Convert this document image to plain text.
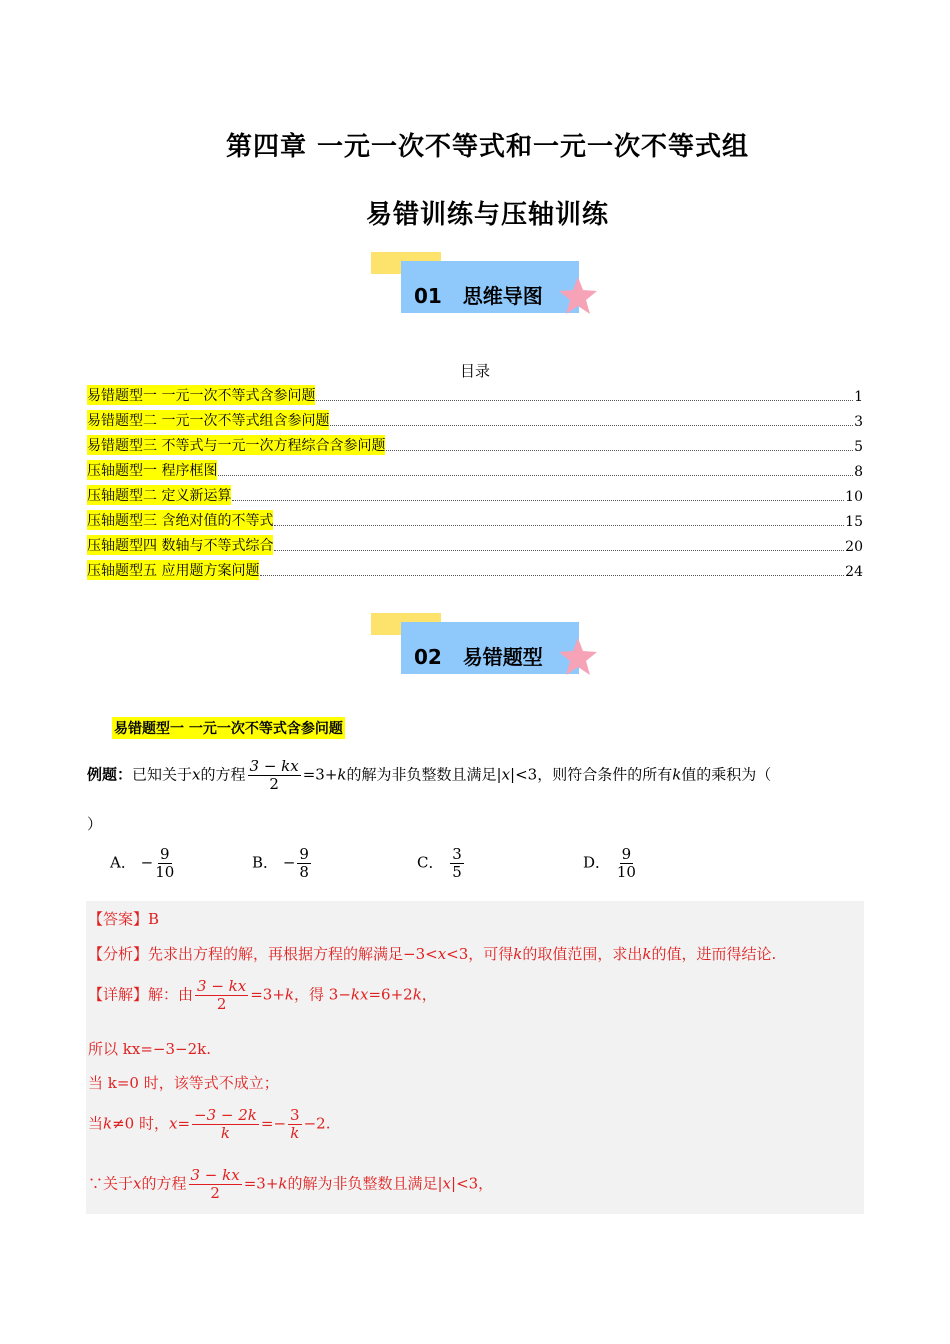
第四章 一元一次不等式和一元一次不等式组
易错训练与压轴训练
01 思维导图
目录
易错题型一 一元一次不等式含参问题	1
易错题型二 一元一次不等式组含参问题	3
易错题型三 不等式与一元一次方程综合含参问题	5
压轴题型一 程序框图	8
压轴题型二 定义新运算	10
压轴题型三 含绝对值的不等式	15
压轴题型四 数轴与不等式综合	20
压轴题型五 应用题方案问题	24
02 易错题型
易错题型一 一元一次不等式含参问题
例题：已知关于x的方程 $\frac{3 - kx}{2} =3+k$的解为非负整数且满足|x|<3，则符合条件的所有k值的乘积为（
）
A． − $\frac{9}{10}$	B． − $\frac{9}{8}$	C． $\frac{3}{5}$	D． $\frac{9}{10}$
【答案】B
【分析】先求出方程的解，再根据方程的解满足−3<x<3，可得k的取值范围，求出k的值，进而得结论.
【详解】解：由 $\frac{3 - kx}{2} =3+k$，得 3−kx=6+2k，
所以 kx=−3−2k.
当 k=0 时，该等式不成立；
当k≠0 时，$x= \frac{-3 - 2k}{k} =- \frac{3}{k} -2$.
∵关于x的方程 $\frac{3 - kx}{2} =3+k$的解为非负整数且满足|x|<3，
